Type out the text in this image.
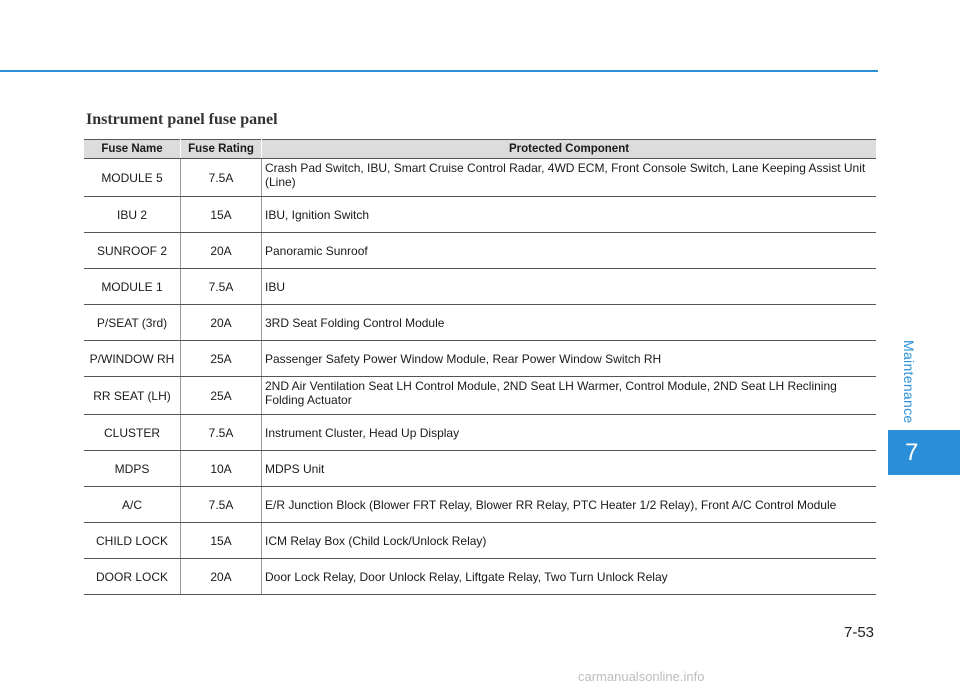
Instrument panel fuse panel
Fuse Name	Fuse Rating	Protected Component
MODULE 5	7.5A	Crash Pad Switch, IBU, Smart Cruise Control Radar, 4WD ECM, Front Console Switch, Lane Keeping Assist Unit (Line)
IBU 2	15A	IBU, Ignition Switch
SUNROOF 2	20A	Panoramic Sunroof
MODULE 1	7.5A	IBU
P/SEAT (3rd)	20A	3RD Seat Folding Control Module
P/WINDOW RH	25A	Passenger Safety Power Window Module, Rear Power Window Switch RH
RR SEAT (LH)	25A	2ND Air Ventilation Seat LH Control Module, 2ND Seat LH Warmer, Control Module, 2ND Seat LH Reclining Folding Actuator
CLUSTER	7.5A	Instrument Cluster, Head Up Display
MDPS	10A	MDPS Unit
A/C	7.5A	E/R Junction Block (Blower FRT Relay, Blower RR Relay, PTC Heater 1/2 Relay), Front A/C Control Module
CHILD LOCK	15A	ICM Relay Box (Child Lock/Unlock Relay)
DOOR LOCK	20A	Door Lock Relay, Door Unlock Relay, Liftgate Relay, Two Turn Unlock Relay
Maintenance
7
7-53
carmanualsonline.info
